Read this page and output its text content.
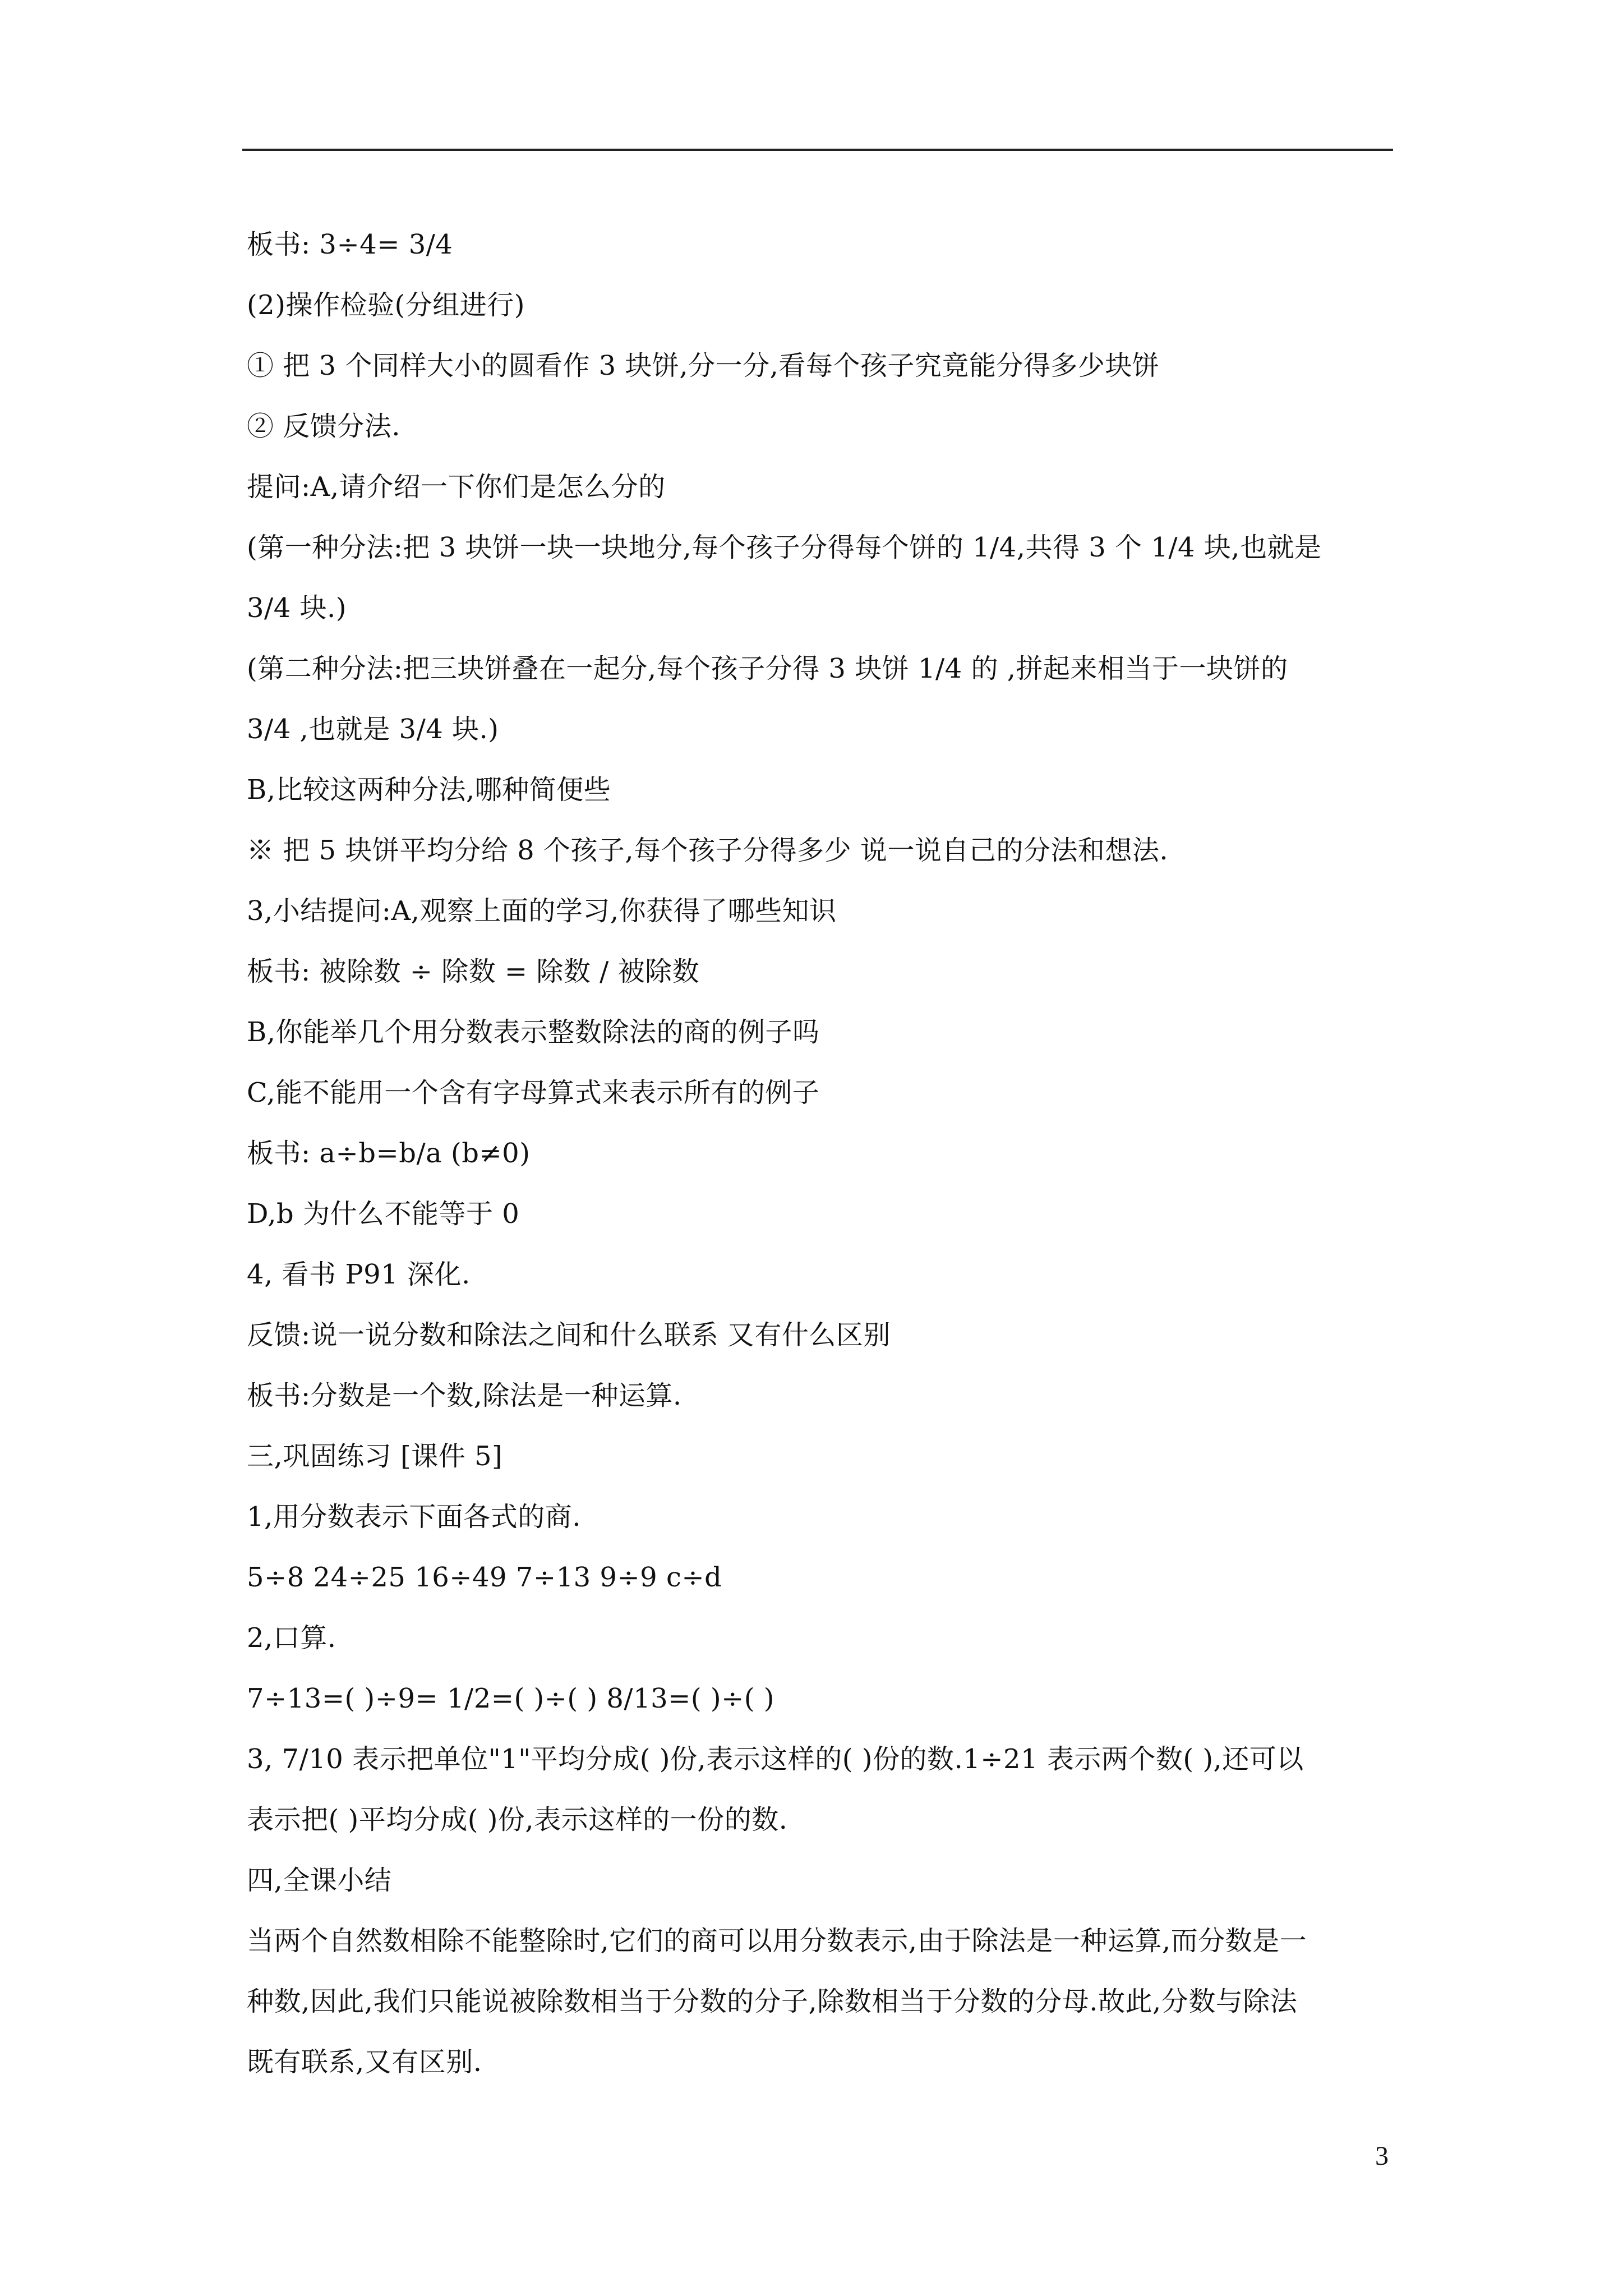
板书: 3÷4= 3/4
(2)操作检验(分组进行)
① 把 3 个同样大小的圆看作 3 块饼,分一分,看每个孩子究竟能分得多少块饼
② 反馈分法.
提问:A,请介绍一下你们是怎么分的
(第一种分法:把 3 块饼一块一块地分,每个孩子分得每个饼的 1/4,共得 3 个 1/4 块,也就是
3/4 块.)
(第二种分法:把三块饼叠在一起分,每个孩子分得 3 块饼 1/4 的 ,拼起来相当于一块饼的
3/4 ,也就是 3/4 块.)
B,比较这两种分法,哪种简便些
※ 把 5 块饼平均分给 8 个孩子,每个孩子分得多少 说一说自己的分法和想法.
3,小结提问:A,观察上面的学习,你获得了哪些知识
板书: 被除数 ÷ 除数 = 除数 / 被除数
B,你能举几个用分数表示整数除法的商的例子吗
C,能不能用一个含有字母算式来表示所有的例子
板书: a÷b=b/a (b≠0)
D,b 为什么不能等于 0
4, 看书 P91 深化.
反馈:说一说分数和除法之间和什么联系 又有什么区别
板书:分数是一个数,除法是一种运算.
三,巩固练习 [课件 5]
1,用分数表示下面各式的商.
5÷8 24÷25 16÷49 7÷13 9÷9 c÷d
2,口算.
7÷13=( )÷9= 1/2=( )÷( ) 8/13=( )÷( )
3, 7/10 表示把单位"1"平均分成( )份,表示这样的( )份的数.1÷21 表示两个数( ),还可以
表示把( )平均分成( )份,表示这样的一份的数.
四,全课小结
当两个自然数相除不能整除时,它们的商可以用分数表示,由于除法是一种运算,而分数是一
种数,因此,我们只能说被除数相当于分数的分子,除数相当于分数的分母.故此,分数与除法
既有联系,又有区别.
3
